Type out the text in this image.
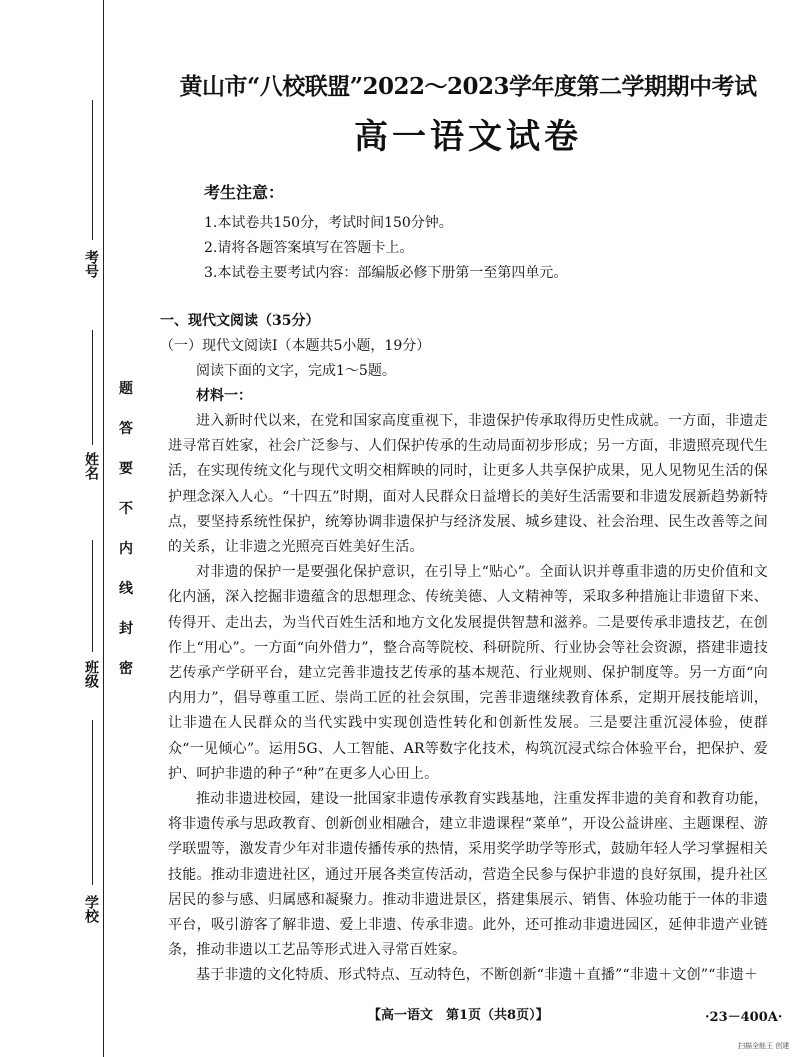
考号
姓名
班级
学校
题
答
要
不
内
线
封
密
黄山市“八校联盟”2022～2023学年度第二学期期中考试
高一语文试卷
考生注意：
1.本试卷共150分，考试时间150分钟。
2.请将各题答案填写在答题卡上。
3.本试卷主要考试内容：部编版必修下册第一至第四单元。
一、现代文阅读（35分）
（一）现代文阅读Ⅰ（本题共5小题，19分）
阅读下面的文字，完成1～5题。
材料一：

进入新时代以来，在党和国家高度重视下，非遗保护传承取得历史性成就。一方面，非遗走进寻常百姓家，社会广泛参与、人们保护传承的生动局面初步形成；另一方面，非遗照亮现代生活，在实现传统文化与现代文明交相辉映的同时，让更多人共享保护成果，见人见物见生活的保护理念深入人心。“十四五”时期，面对人民群众日益增长的美好生活需要和非遗发展新趋势新特点，要坚持系统性保护，统筹协调非遗保护与经济发展、城乡建设、社会治理、民生改善等之间的关系，让非遗之光照亮百姓美好生活。

对非遗的保护一是要强化保护意识，在引导上“贴心”。全面认识并尊重非遗的历史价值和文化内涵，深入挖掘非遗蕴含的思想理念、传统美德、人文精神等，采取多种措施让非遗留下来、传得开、走出去，为当代百姓生活和地方文化发展提供智慧和滋养。二是要传承非遗技艺，在创作上“用心”。一方面“向外借力”，整合高等院校、科研院所、行业协会等社会资源，搭建非遗技艺传承产学研平台，建立完善非遗技艺传承的基本规范、行业规则、保护制度等。另一方面“向内用力”，倡导尊重工匠、崇尚工匠的社会氛围，完善非遗继续教育体系，定期开展技能培训，让非遗在人民群众的当代实践中实现创造性转化和创新性发展。三是要注重沉浸体验，使群众“一见倾心”。运用5G、人工智能、AR等数字化技术，构筑沉浸式综合体验平台，把保护、爱护、呵护非遗的种子“种”在更多人心田上。

推动非遗进校园，建设一批国家非遗传承教育实践基地，注重发挥非遗的美育和教育功能，将非遗传承与思政教育、创新创业相融合，建立非遗课程“菜单”，开设公益讲座、主题课程、游学联盟等，激发青少年对非遗传播传承的热情，采用奖学助学等形式，鼓励年轻人学习掌握相关技能。推动非遗进社区，通过开展各类宣传活动，营造全民参与保护非遗的良好氛围，提升社区居民的参与感、归属感和凝聚力。推动非遗进景区，搭建集展示、销售、体验功能于一体的非遗平台，吸引游客了解非遗、爱上非遗、传承非遗。此外，还可推动非遗进园区，延伸非遗产业链条，推动非遗以工艺品等形式进入寻常百姓家。

基于非遗的文化特质、形式特点、互动特色，不断创新“非遗＋直播”“非遗＋文创”“非遗＋

【高一语文　第1页（共8页）】	·23－400A·
扫描全能王 创建
